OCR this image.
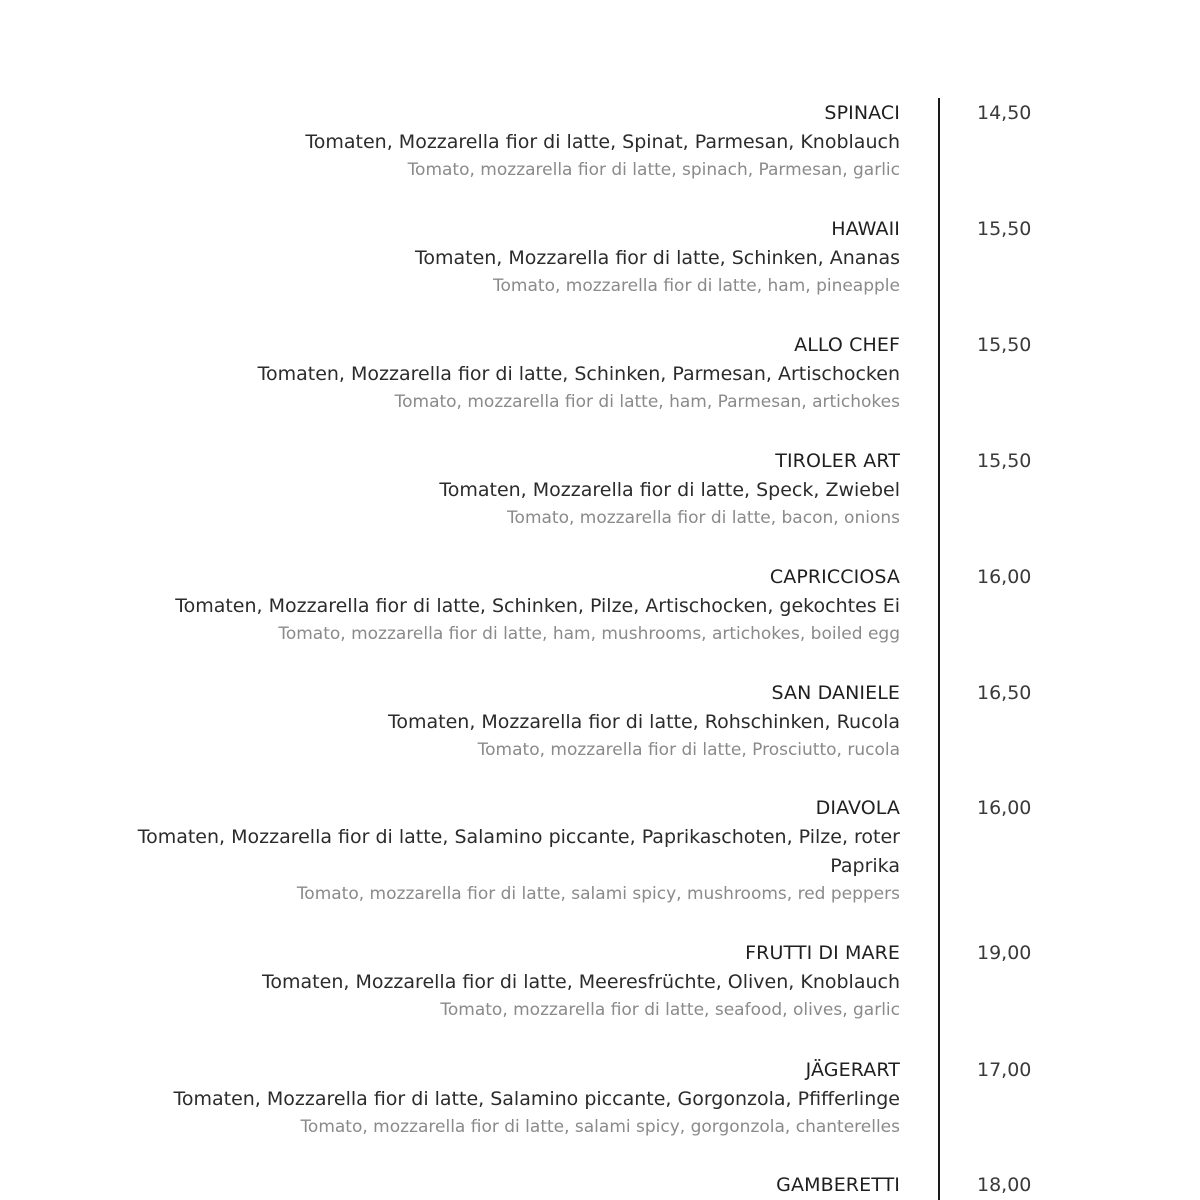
SPINACI
Tomaten, Mozzarella fior di latte, Spinat, Parmesan, Knoblauch
Tomato, mozzarella fior di latte, spinach, Parmesan, garlic
14,50
HAWAII
Tomaten, Mozzarella fior di latte, Schinken, Ananas
Tomato, mozzarella fior di latte, ham, pineapple
15,50
ALLO CHEF
Tomaten, Mozzarella fior di latte, Schinken, Parmesan, Artischocken
Tomato, mozzarella fior di latte, ham, Parmesan, artichokes
15,50
TIROLER ART
Tomaten, Mozzarella fior di latte, Speck, Zwiebel
Tomato, mozzarella fior di latte, bacon, onions
15,50
CAPRICCIOSA
Tomaten, Mozzarella fior di latte, Schinken, Pilze, Artischocken, gekochtes Ei
Tomato, mozzarella fior di latte, ham, mushrooms, artichokes, boiled egg
16,00
SAN DANIELE
Tomaten, Mozzarella fior di latte, Rohschinken, Rucola
Tomato, mozzarella fior di latte, Prosciutto, rucola
16,50
DIAVOLA
Tomaten, Mozzarella fior di latte, Salamino piccante, Paprikaschoten, Pilze, roter Paprika
Tomato, mozzarella fior di latte, salami spicy, mushrooms, red peppers
16,00
FRUTTI DI MARE
Tomaten, Mozzarella fior di latte, Meeresfrüchte, Oliven, Knoblauch
Tomato, mozzarella fior di latte, seafood, olives, garlic
19,00
JÄGERART
Tomaten, Mozzarella fior di latte, Salamino piccante, Gorgonzola, Pfifferlinge
Tomato, mozzarella fior di latte, salami spicy, gorgonzola, chanterelles
17,00
GAMBERETTI	18,00
